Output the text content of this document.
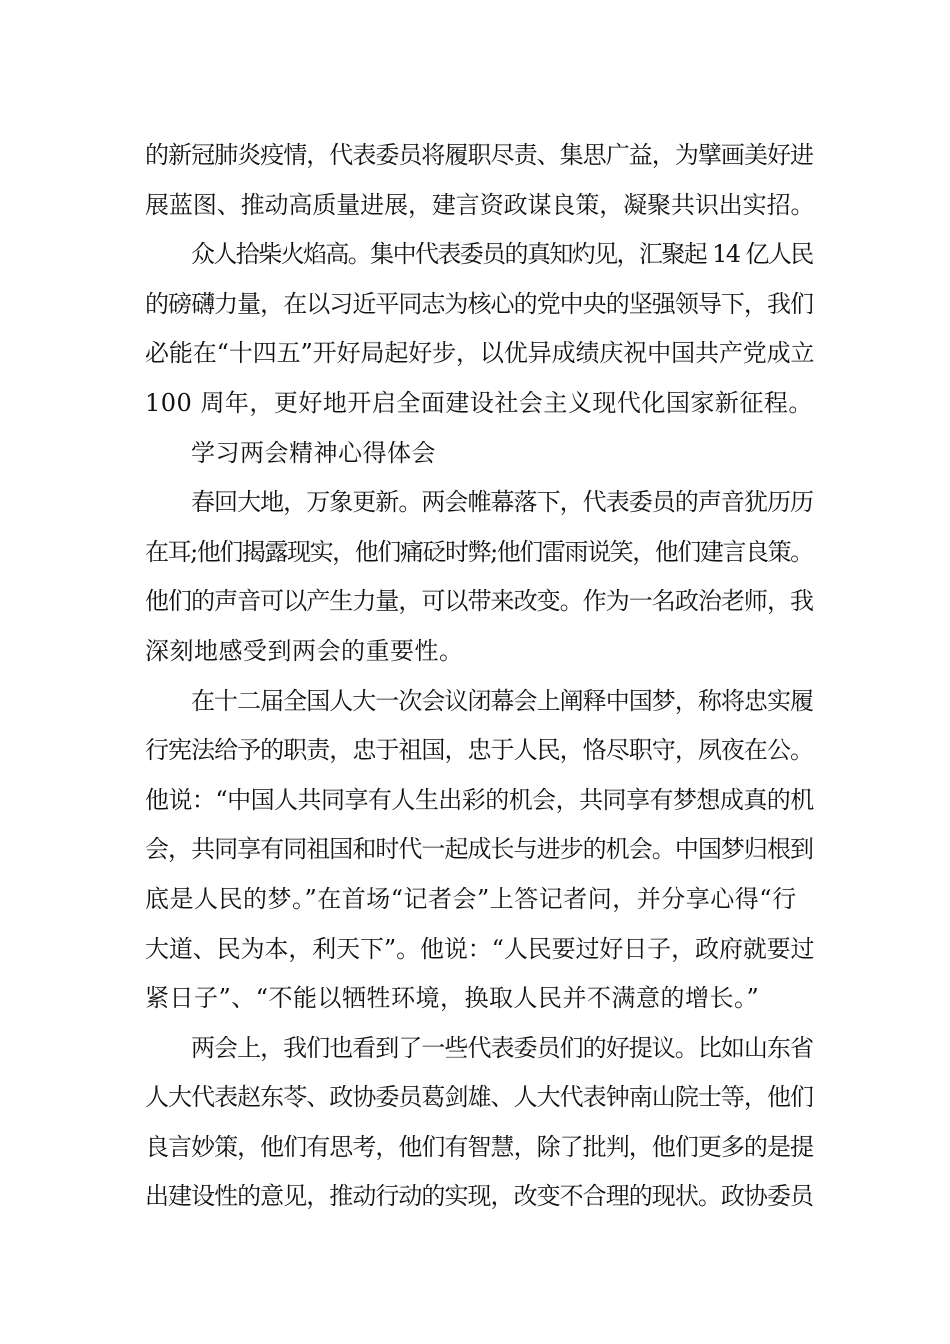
的新冠肺炎疫情，代表委员将履职尽责、集思广益，为擘画美好进
展蓝图、推动高质量进展，建言资政谋良策，凝聚共识出实招。
众人拾柴火焰高。集中代表委员的真知灼见，汇聚起 14 亿人民
的磅礴力量，在以习近平同志为核心的党中央的坚强领导下，我们
必能在“十四五”开好局起好步，以优异成绩庆祝中国共产党成立
100 周年，更好地开启全面建设社会主义现代化国家新征程。
学习两会精神心得体会
春回大地，万象更新。两会帷幕落下，代表委员的声音犹历历
在耳;他们揭露现实，他们痛砭时弊;他们雷雨说笑，他们建言良策。
他们的声音可以产生力量，可以带来改变。作为一名政治老师，我
深刻地感受到两会的重要性。
在十二届全国人大一次会议闭幕会上阐释中国梦，称将忠实履
行宪法给予的职责，忠于祖国，忠于人民，恪尽职守，夙夜在公。
他说：“中国人共同享有人生出彩的机会，共同享有梦想成真的机
会，共同享有同祖国和时代一起成长与进步的机会。中国梦归根到
底是人民的梦。”在首场“记者会”上答记者问，并分享心得“行
大道、民为本，利天下”。他说：“人民要过好日子，政府就要过
紧日子”、“不能以牺牲环境，换取人民并不满意的增长。”
两会上，我们也看到了一些代表委员们的好提议。比如山东省
人大代表赵东苓、政协委员葛剑雄、人大代表钟南山院士等，他们
良言妙策，他们有思考，他们有智慧，除了批判，他们更多的是提
出建设性的意见，推动行动的实现，改变不合理的现状。政协委员
